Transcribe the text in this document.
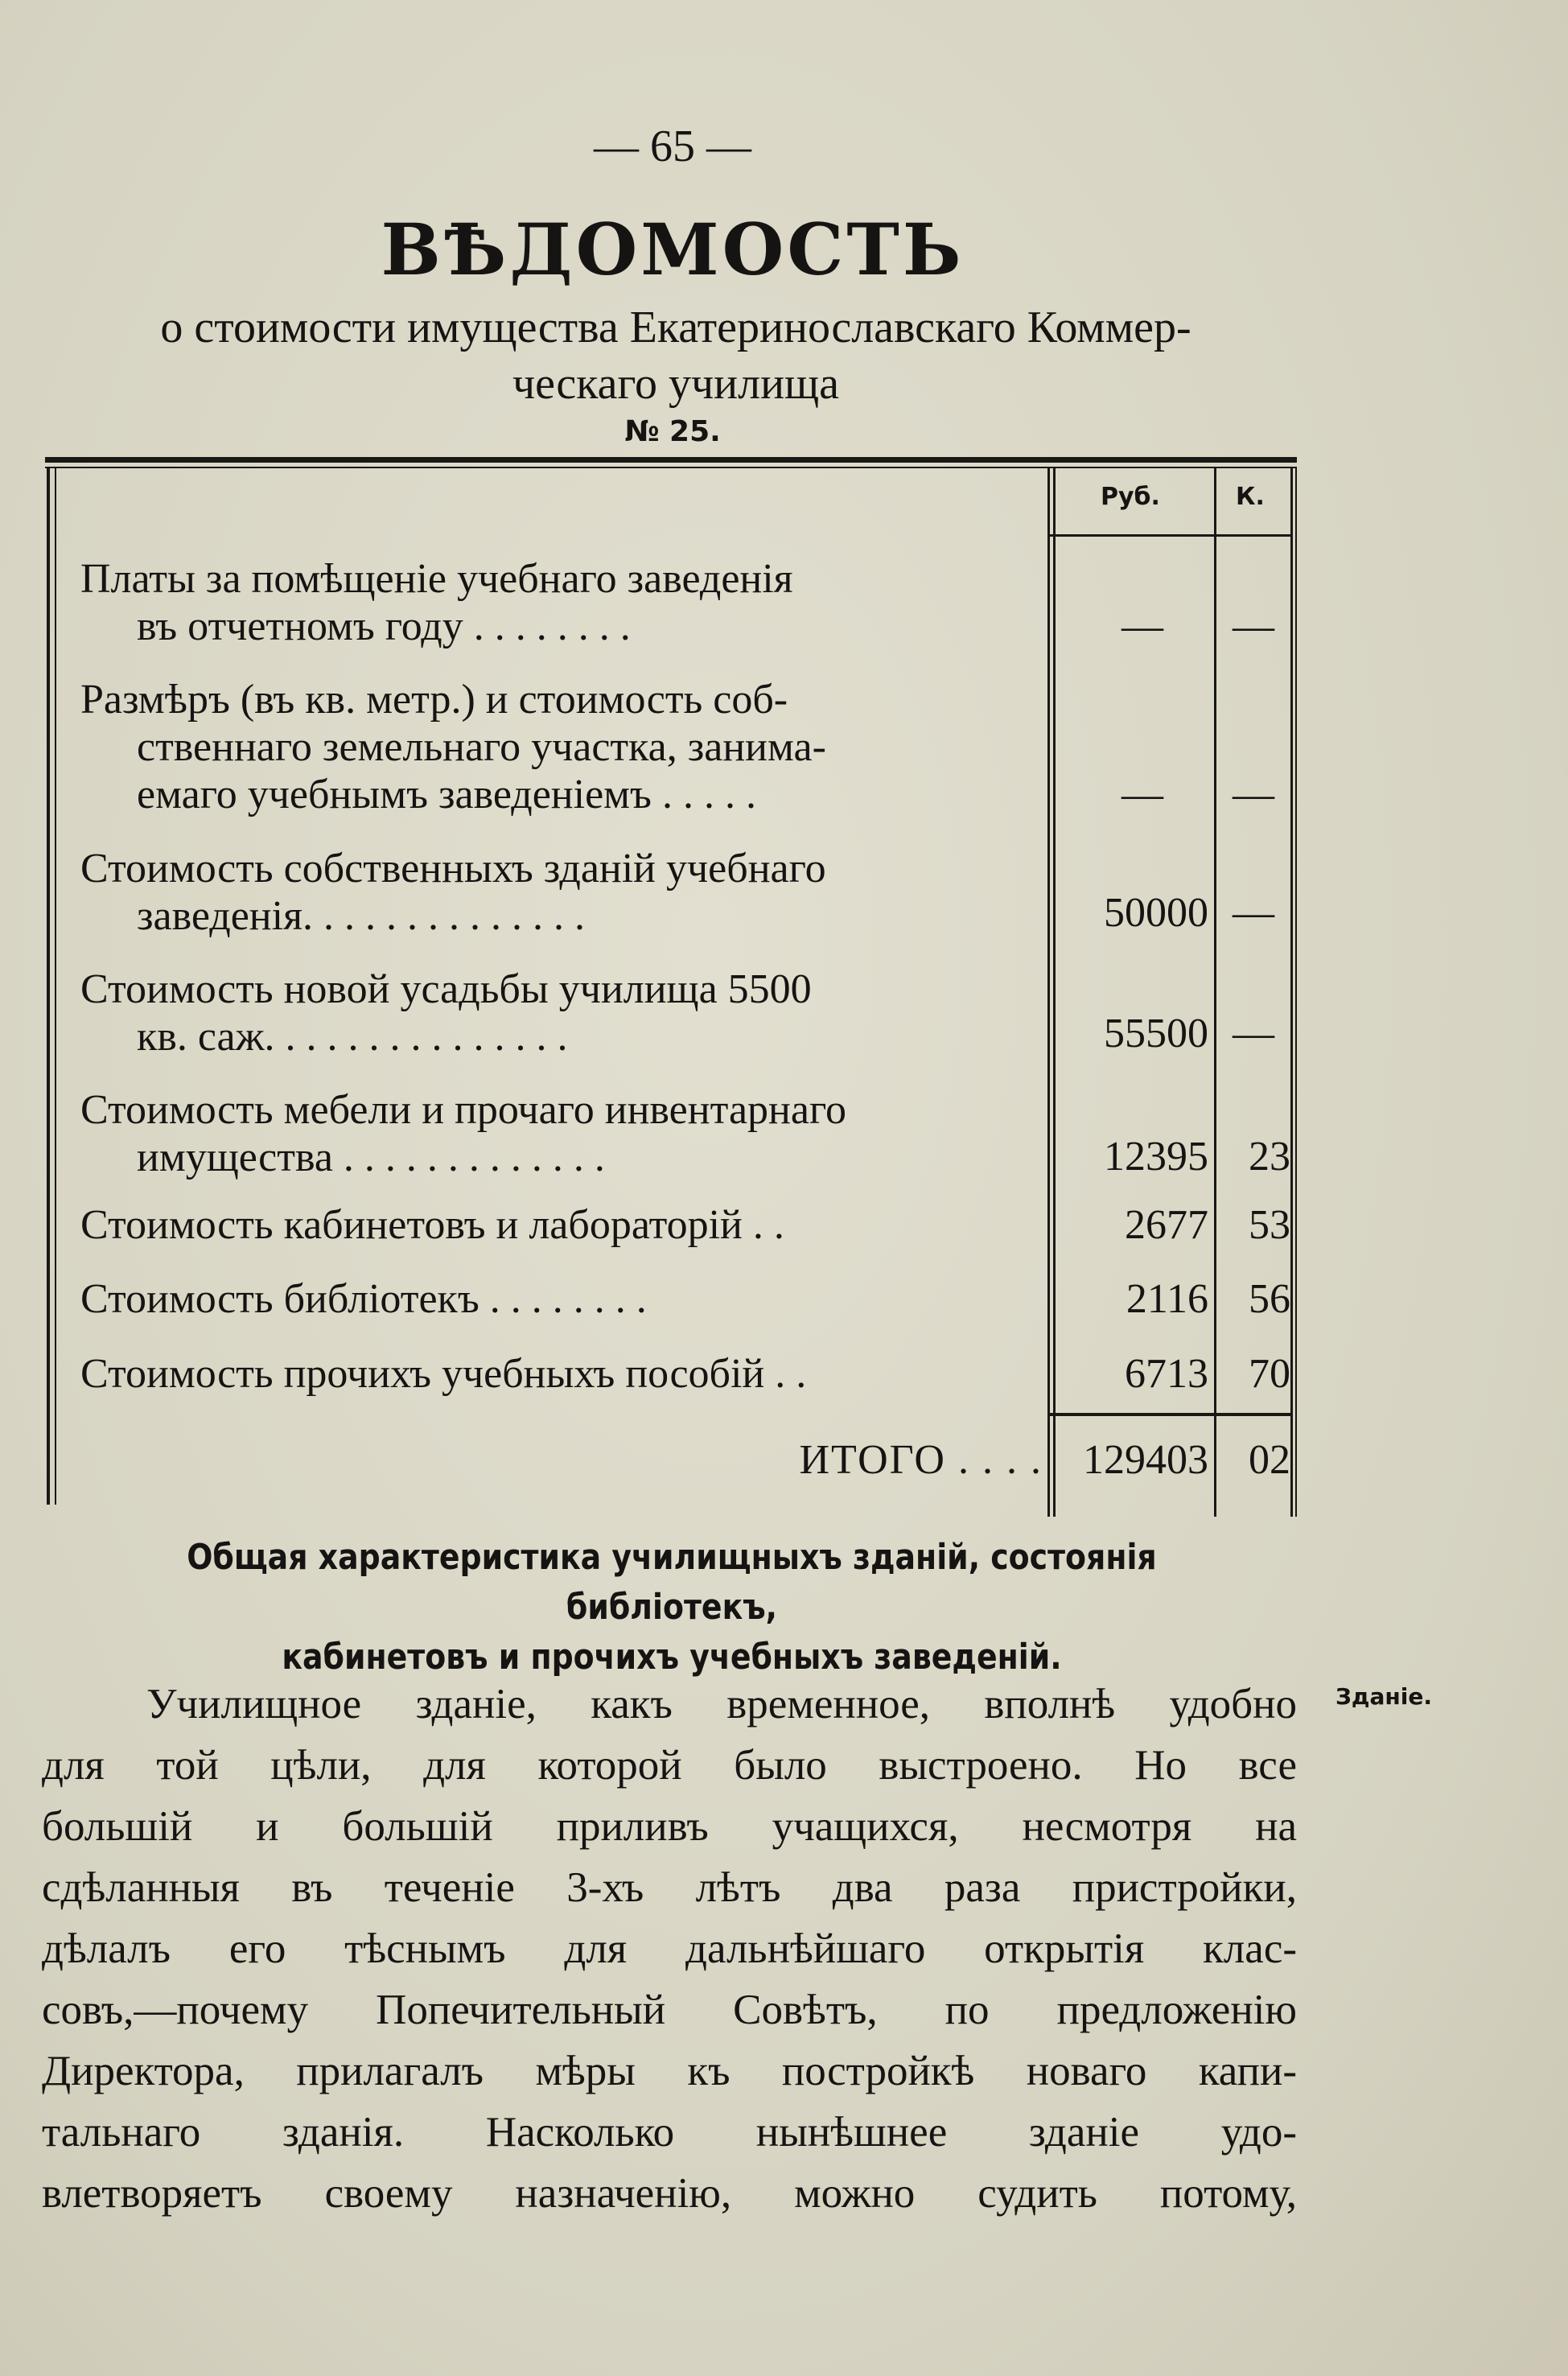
— 65 —
ВѢДОМОСТЬ
о стоимости имущества Екатеринославскаго Коммер-
ческаго училища
№ 25.
Руб.	К.
Платы за помѣщеніе учебнаго заведенія
въ отчетномъ году . . . . . . . .	—	—
Размѣръ (въ кв. метр.) и стоимость соб-
ственнаго земельнаго участка, занима-
емаго учебнымъ заведеніемъ . . . . .	—	—
Стоимость собственныхъ зданій учебнаго
заведенія. . . . . . . . . . . . . .	50000 —
Стоимость новой усадьбы училища 5500
кв. саж. . . . . . . . . . . . . . .	55500 —
Стоимость мебели и прочаго инвентарнаго
имущества . . . . . . . . . . . . .	12395 23
Стоимость кабинетовъ и лабораторій . .	2677 53
Стоимость библіотекъ . . . . . . . .	2116 56
Стоимость прочихъ учебныхъ пособій . .	6713 70
ИТОГО . . . . 129403 02
Общая характеристика училищныхъ зданій, состоянія библіотекъ,
кабинетовъ и прочихъ учебныхъ заведеній.
Зданіе.
Училищное зданіе, какъ временное, вполнѣ удобно
для той цѣли, для которой было выстроено. Но все
большій и большій приливъ учащихся, несмотря на
сдѣланныя въ теченіе 3-хъ лѣтъ два раза пристройки,
дѣлалъ его тѣснымъ для дальнѣйшаго открытія клас-
совъ,—почему Попечительный Совѣтъ, по предложенію
Директора, прилагалъ мѣры къ постройкѣ новаго капи-
тальнаго зданія. Насколько нынѣшнее зданіе удо-
влетворяетъ своему назначенію, можно судить потому,
